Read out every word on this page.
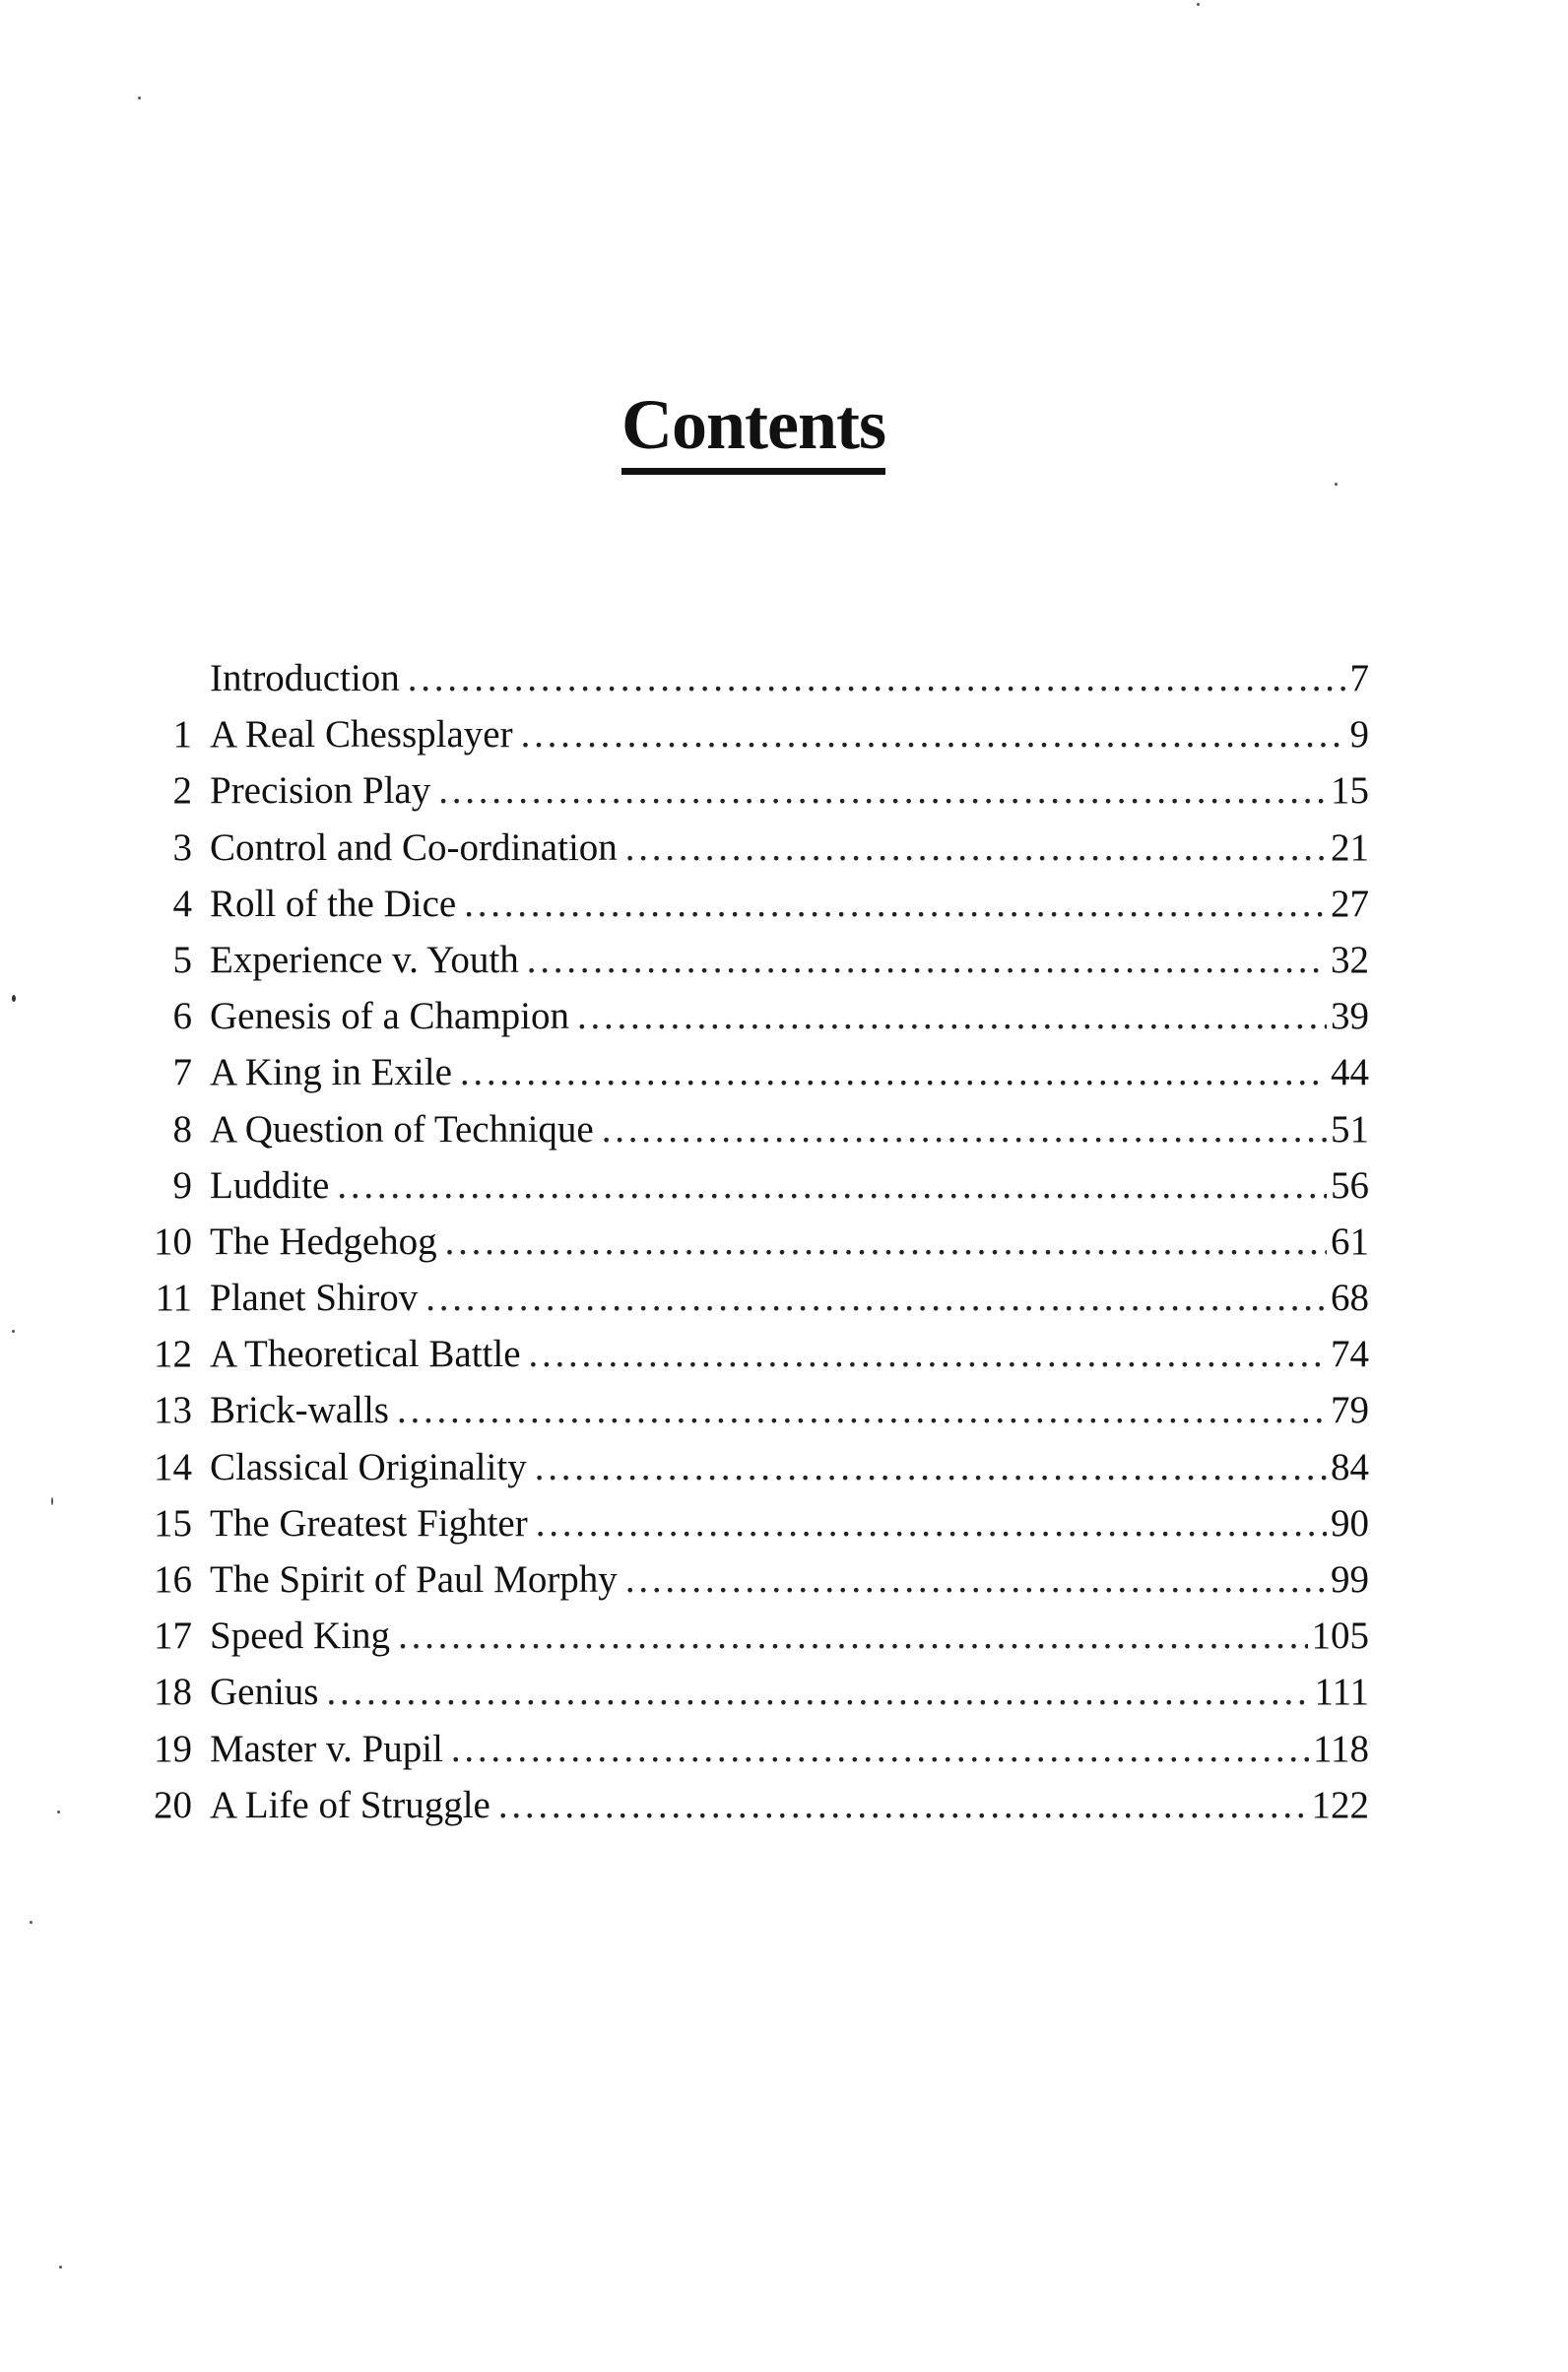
Contents
Introduction . . .	7
1 A Real Chessplayer . . .	9
2 Precision Play . . .	15
3 Control and Co-ordination . . .	21
4 Roll of the Dice . . .	27
5 Experience v. Youth . . .	32
6 Genesis of a Champion . . .	39
7 A King in Exile . . .	44
8 A Question of Technique . . .	51
9 Luddite . . .	56
10 The Hedgehog . . .	61
11 Planet Shirov . . .	68
12 A Theoretical Battle . . .	74
13 Brick-walls . . .	79
14 Classical Originality . . .	84
15 The Greatest Fighter . . .	90
16 The Spirit of Paul Morphy . . .	99
17 Speed King . . .	105
18 Genius . . .	111
19 Master v. Pupil . . .	118
20 A Life of Struggle . . .	122
